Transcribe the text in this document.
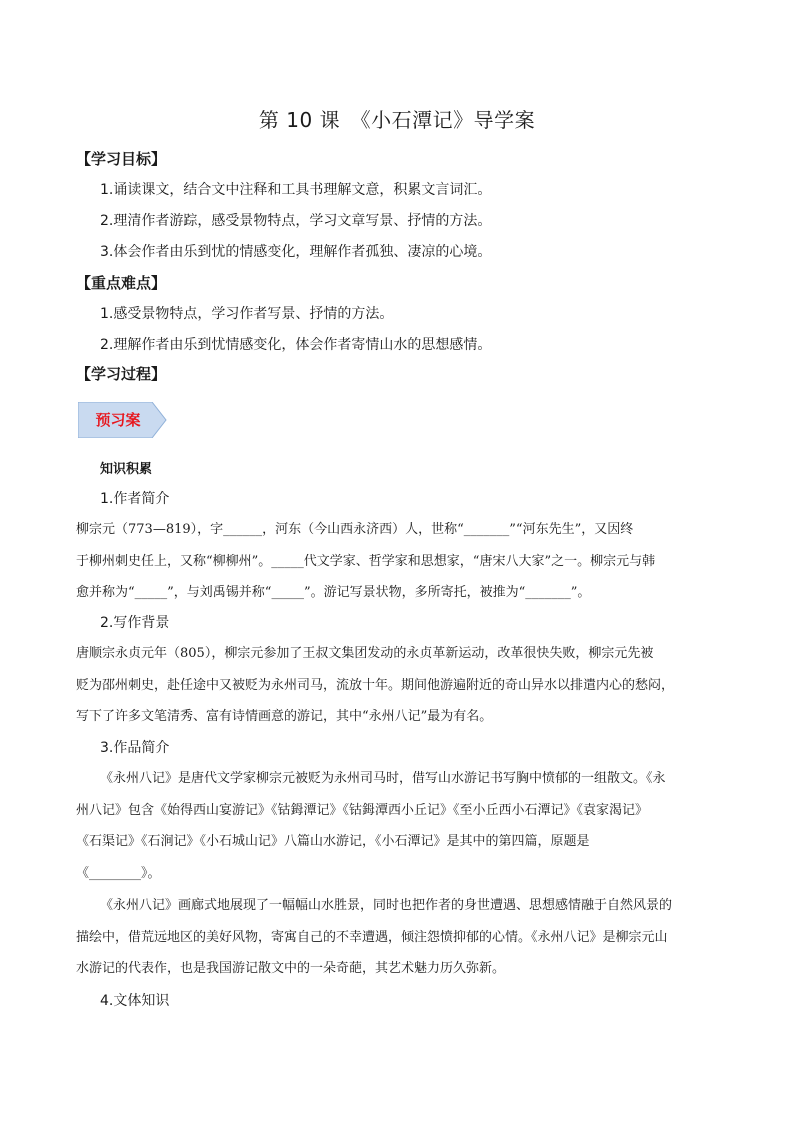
第 10 课　《小石潭记》导学案
【学习目标】
1.诵读课文，结合文中注释和工具书理解文意，积累文言词汇。
2.理清作者游踪，感受景物特点，学习文章写景、抒情的方法。
3.体会作者由乐到忧的情感变化，理解作者孤独、凄凉的心境。
【重点难点】
1.感受景物特点，学习作者写景、抒情的方法。
2.理解作者由乐到忧情感变化，体会作者寄情山水的思想感情。
【学习过程】
预习案
知识积累
1.作者简介
柳宗元（773—819），字______，河东（今山西永济西）人，世称“_______”“河东先生”，又因终
于柳州刺史任上，又称“柳柳州”。_____代文学家、哲学家和思想家，“唐宋八大家”之一。柳宗元与韩
愈并称为“_____”，与刘禹锡并称“_____”。游记写景状物，多所寄托，被推为“_______”。
2.写作背景
唐顺宗永贞元年（805），柳宗元参加了王叔文集团发动的永贞革新运动，改革很快失败，柳宗元先被
贬为邵州刺史，赴任途中又被贬为永州司马，流放十年。期间他游遍附近的奇山异水以排遣内心的愁闷，
写下了许多文笔清秀、富有诗情画意的游记，其中“永州八记”最为有名。
3.作品简介
《永州八记》是唐代文学家柳宗元被贬为永州司马时，借写山水游记书写胸中愤郁的一组散文。《永
州八记》包含《始得西山宴游记》《钴鉧潭记》《钴鉧潭西小丘记》《至小丘西小石潭记》《袁家渴记》
《石渠记》《石涧记》《小石城山记》八篇山水游记，《小石潭记》是其中的第四篇，原题是
《________》。
《永州八记》画廊式地展现了一幅幅山水胜景，同时也把作者的身世遭遇、思想感情融于自然风景的
描绘中，借荒远地区的美好风物，寄寓自己的不幸遭遇，倾注怨愤抑郁的心情。《永州八记》是柳宗元山
水游记的代表作，也是我国游记散文中的一朵奇葩，其艺术魅力历久弥新。
4.文体知识
